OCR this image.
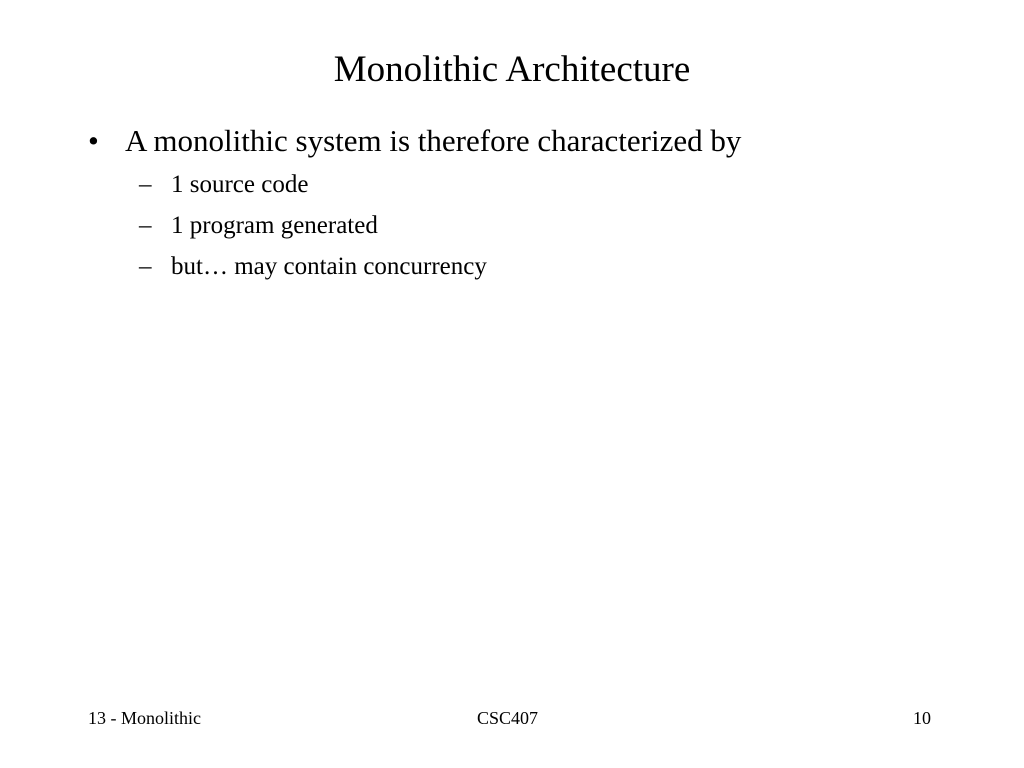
Monolithic Architecture
• A monolithic system is therefore characterized by
– 1 source code
– 1 program generated
– but… may contain concurrency
13 - Monolithic	CSC407	10
